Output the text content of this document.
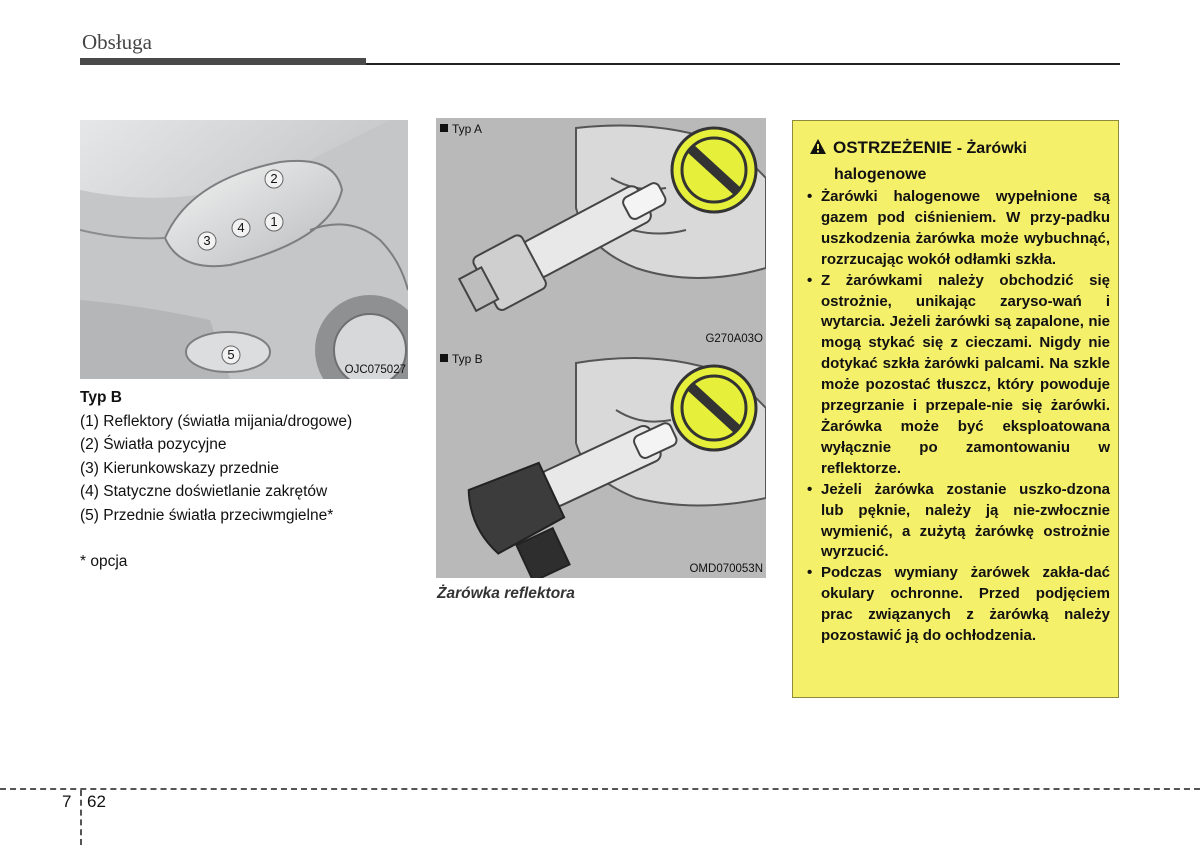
Obsługa
1
2
3
4
5
OJC075027
Typ B
(1) Reflektory (światła mijania/drogowe)
(2) Światła pozycyjne
(3) Kierunkowskazy przednie
(4) Statyczne doświetlanie zakrętów
(5) Przednie światła przeciwmgielne*
* opcja
Typ A
G270A03O
Typ B
OMD070053N
Żarówka reflektora
OSTRZEŻENIE - Żarówki
halogenowe
• Żarówki halogenowe wypełnione są gazem pod ciśnieniem. W przy-padku uszkodzenia żarówka może wybuchnąć, rozrzucając wokół odłamki szkła.
• Z żarówkami należy obchodzić się ostrożnie, unikając zaryso-wań i wytarcia. Jeżeli żarówki są zapalone, nie mogą stykać się z cieczami. Nigdy nie dotykać szkła żarówki palcami. Na szkle może pozostać tłuszcz, który powoduje przegrzanie i przepale-nie się żarówki. Żarówka może być eksploatowana wyłącznie po zamontowaniu w reflektorze.
• Jeżeli żarówka zostanie uszko-dzona lub pęknie, należy ją nie-zwłocznie wymienić, a zużytą żarówkę ostrożnie wyrzucić.
• Podczas wymiany żarówek zakła-dać okulary ochronne. Przed podjęciem prac związanych z żarówką należy pozostawić ją do ochłodzenia.
7 62
